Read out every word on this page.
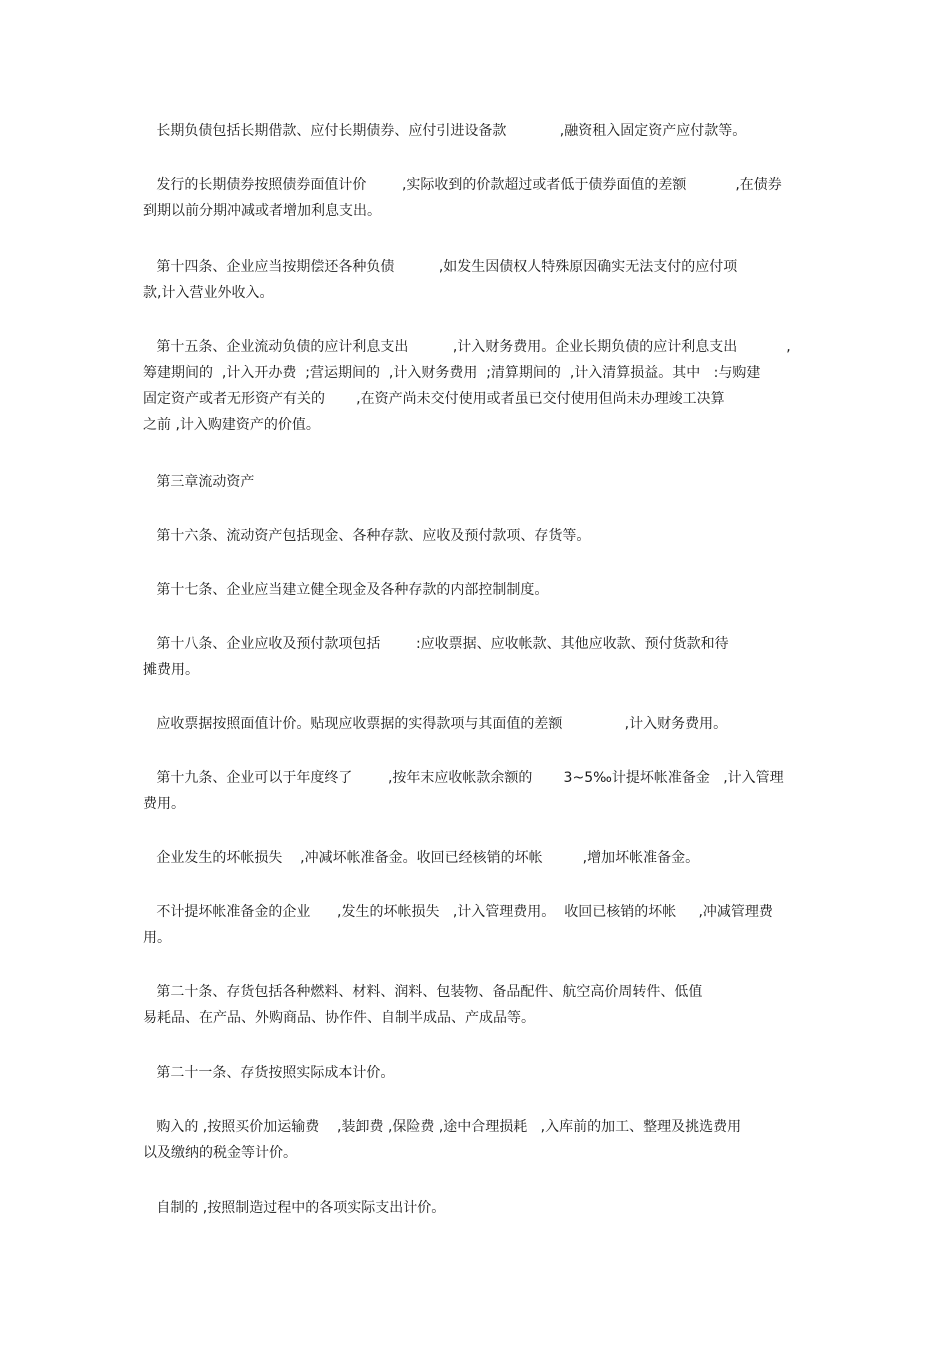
长期负债包括长期借款、应付长期债券、应付引进设备款            ,融资租入固定资产应付款等。

发行的长期债券按照债券面值计价        ,实际收到的价款超过或者低于债券面值的差额           ,在债券
到期以前分期冲减或者增加利息支出。

第十四条、企业应当按期偿还各种负债          ,如发生因债权人特殊原因确实无法支付的应付项
款,计入营业外收入。

第十五条、企业流动负债的应计利息支出          ,计入财务费用。企业长期负债的应计利息支出           ,
筹建期间的  ,计入开办费  ;营运期间的  ,计入财务费用  ;清算期间的  ,计入清算损益。其中   :与购建
固定资产或者无形资产有关的       ,在资产尚未交付使用或者虽已交付使用但尚未办理竣工决算
之前 ,计入购建资产的价值。

第三章流动资产

第十六条、流动资产包括现金、各种存款、应收及预付款项、存货等。

第十七条、企业应当建立健全现金及各种存款的内部控制制度。

第十八条、企业应收及预付款项包括        :应收票据、应收帐款、其他应收款、预付货款和待
摊费用。

应收票据按照面值计价。贴现应收票据的实得款项与其面值的差额              ,计入财务费用。

第十九条、企业可以于年度终了        ,按年末应收帐款余额的       3~5‰计提坏帐准备金   ,计入管理
费用。

企业发生的坏帐损失    ,冲减坏帐准备金。收回已经核销的坏帐         ,增加坏帐准备金。

不计提坏帐准备金的企业      ,发生的坏帐损失   ,计入管理费用。  收回已核销的坏帐     ,冲减管理费
用。

第二十条、存货包括各种燃料、材料、润料、包装物、备品配件、航空高价周转件、低值
易耗品、在产品、外购商品、协作件、自制半成品、产成品等。

第二十一条、存货按照实际成本计价。

购入的 ,按照买价加运输费    ,装卸费 ,保险费 ,途中合理损耗   ,入库前的加工、整理及挑选费用
以及缴纳的税金等计价。

自制的 ,按照制造过程中的各项实际支出计价。
